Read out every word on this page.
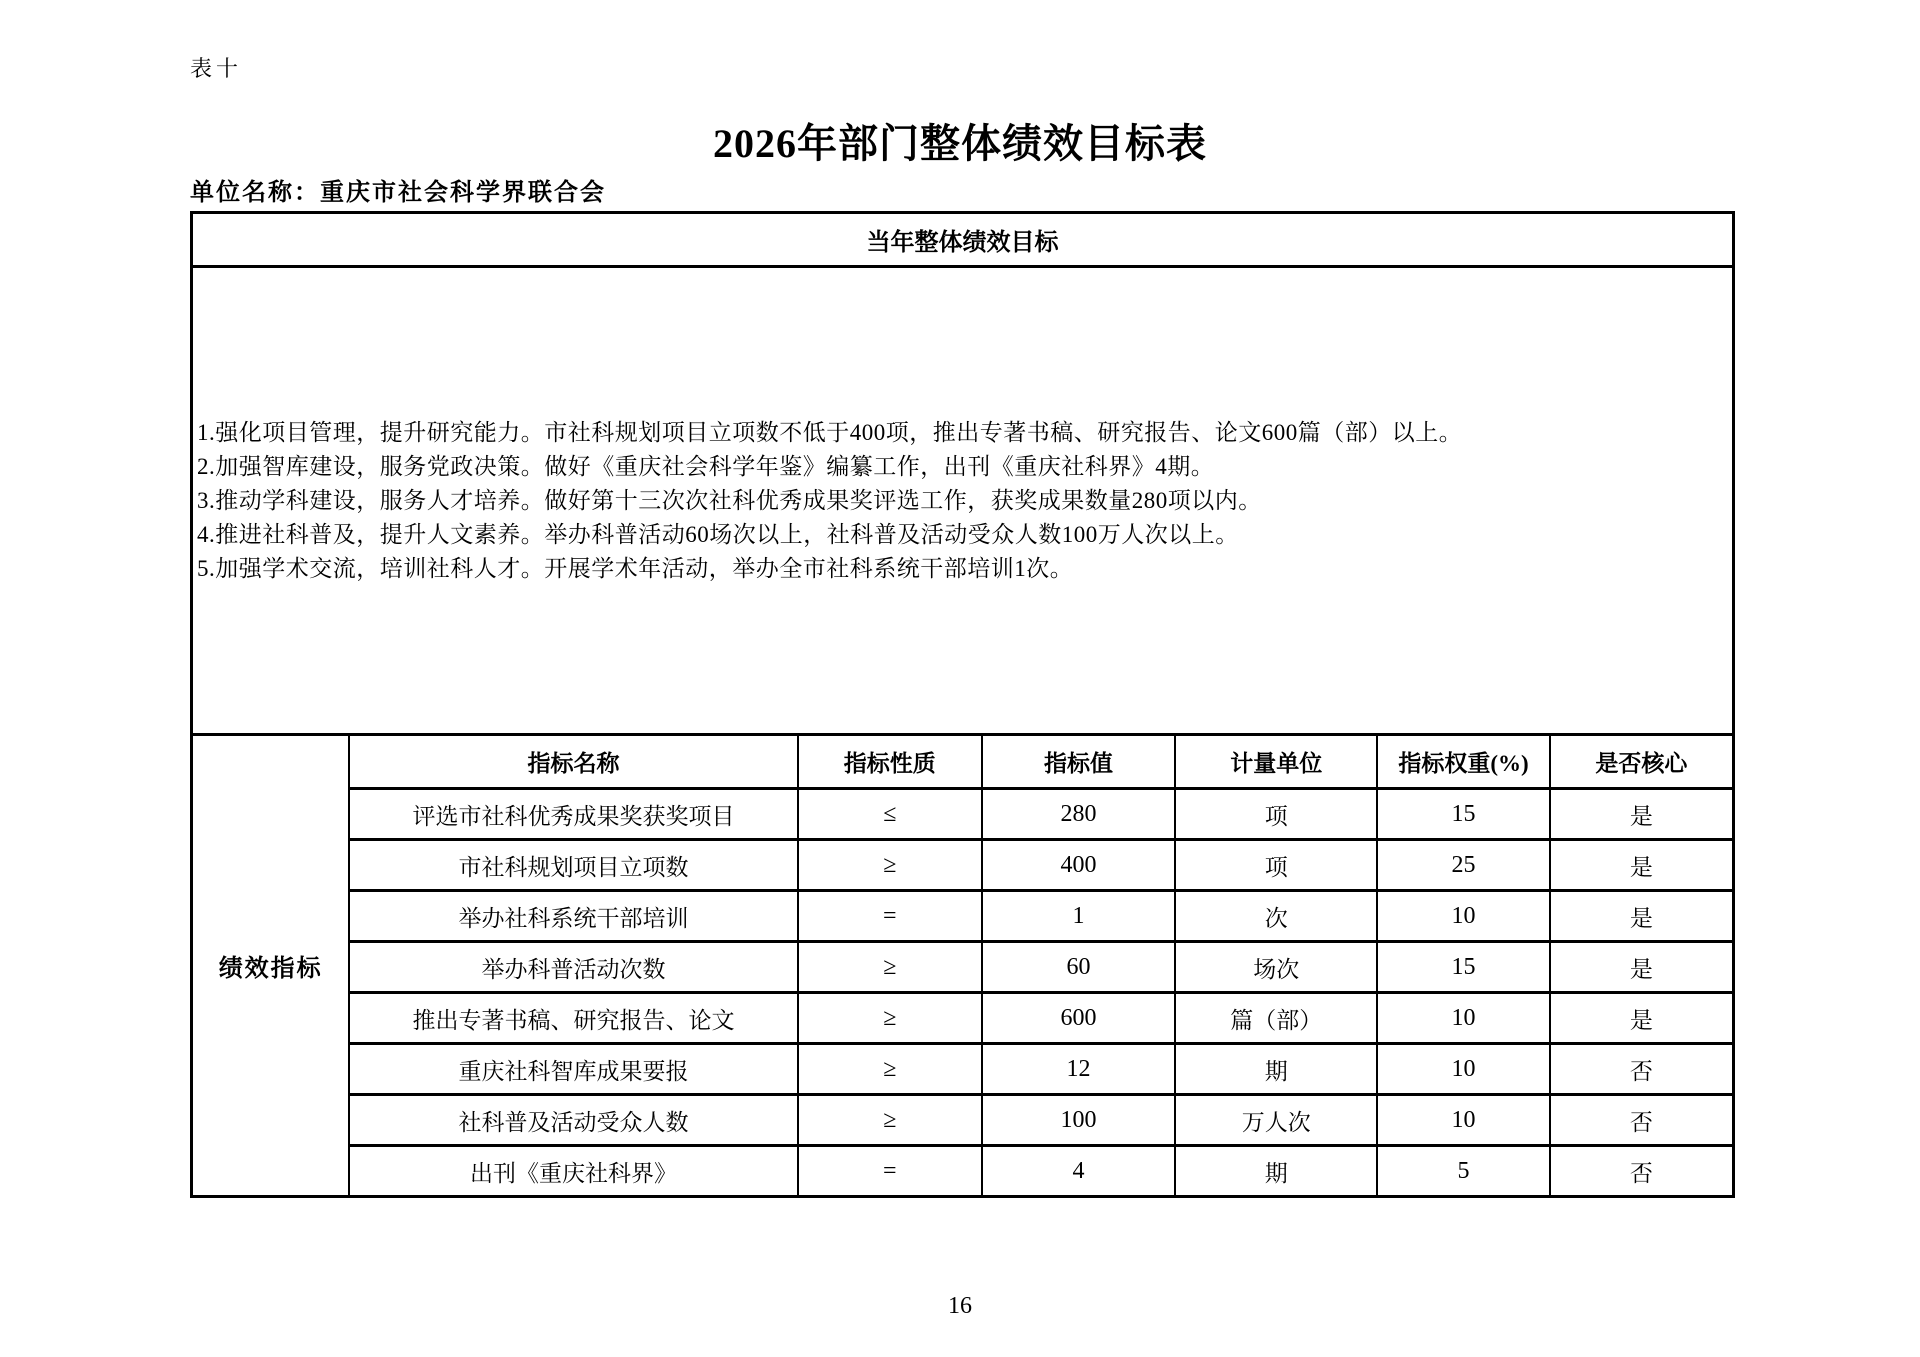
表十
2026年部门整体绩效目标表
单位名称：重庆市社会科学界联合会
当年整体绩效目标
1.强化项目管理，提升研究能力。市社科规划项目立项数不低于400项，推出专著书稿、研究报告、论文600篇（部）以上。
2.加强智库建设，服务党政决策。做好《重庆社会科学年鉴》编纂工作，出刊《重庆社科界》4期。
3.推动学科建设，服务人才培养。做好第十三次次社科优秀成果奖评选工作，获奖成果数量280项以内。
4.推进社科普及，提升人文素养。举办科普活动60场次以上，社科普及活动受众人数100万人次以上。
5.加强学术交流，培训社科人才。开展学术年活动，举办全市社科系统干部培训1次。
绩效指标
指标名称	指标性质	指标值	计量单位	指标权重(%)	是否核心
评选市社科优秀成果奖获奖项目	≤	280	项	15	是
市社科规划项目立项数	≥	400	项	25	是
举办社科系统干部培训	=	1	次	10	是
举办科普活动次数	≥	60	场次	15	是
推出专著书稿、研究报告、论文	≥	600	篇（部）	10	是
重庆社科智库成果要报	≥	12	期	10	否
社科普及活动受众人数	≥	100	万人次	10	否
出刊《重庆社科界》	=	4	期	5	否
16
